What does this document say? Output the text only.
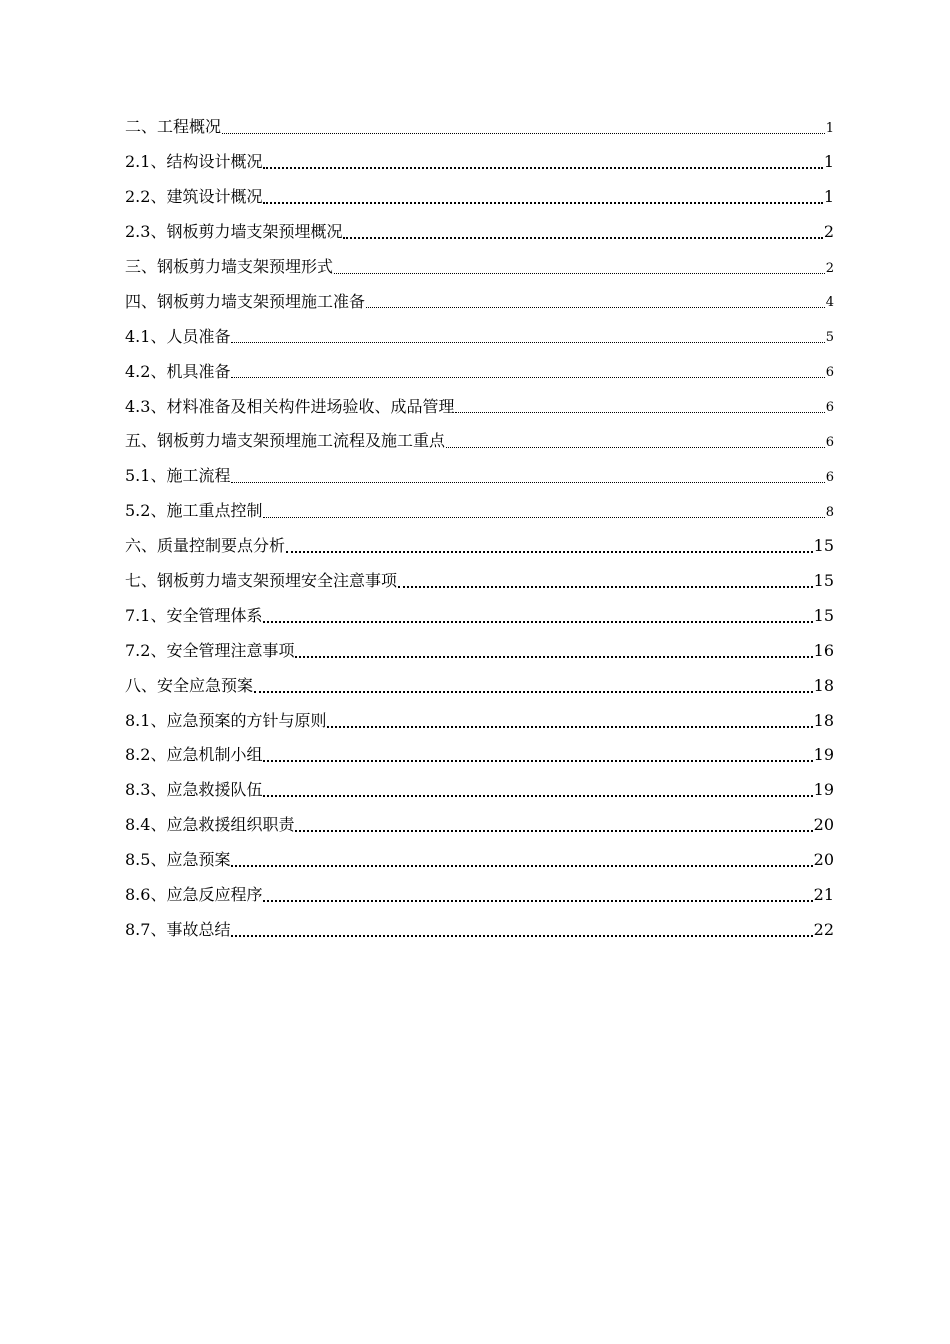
二、工程概况	1
2.1、结构设计概况	1
2.2、建筑设计概况	1
2.3、钢板剪力墙支架预埋概况	2
三、钢板剪力墙支架预埋形式	2
四、钢板剪力墙支架预埋施工准备	4
4.1、人员准备	5
4.2、机具准备	6
4.3、材料准备及相关构件进场验收、成品管理	6
五、钢板剪力墙支架预埋施工流程及施工重点	6
5.1、施工流程	6
5.2、施工重点控制	8
六、质量控制要点分析	15
七、钢板剪力墙支架预埋安全注意事项	15
7.1、安全管理体系	15
7.2、安全管理注意事项	16
八、安全应急预案	18
8.1、应急预案的方针与原则	18
8.2、应急机制小组	19
8.3、应急救援队伍	19
8.4、应急救援组织职责	20
8.5、应急预案	20
8.6、应急反应程序	21
8.7、事故总结	22
